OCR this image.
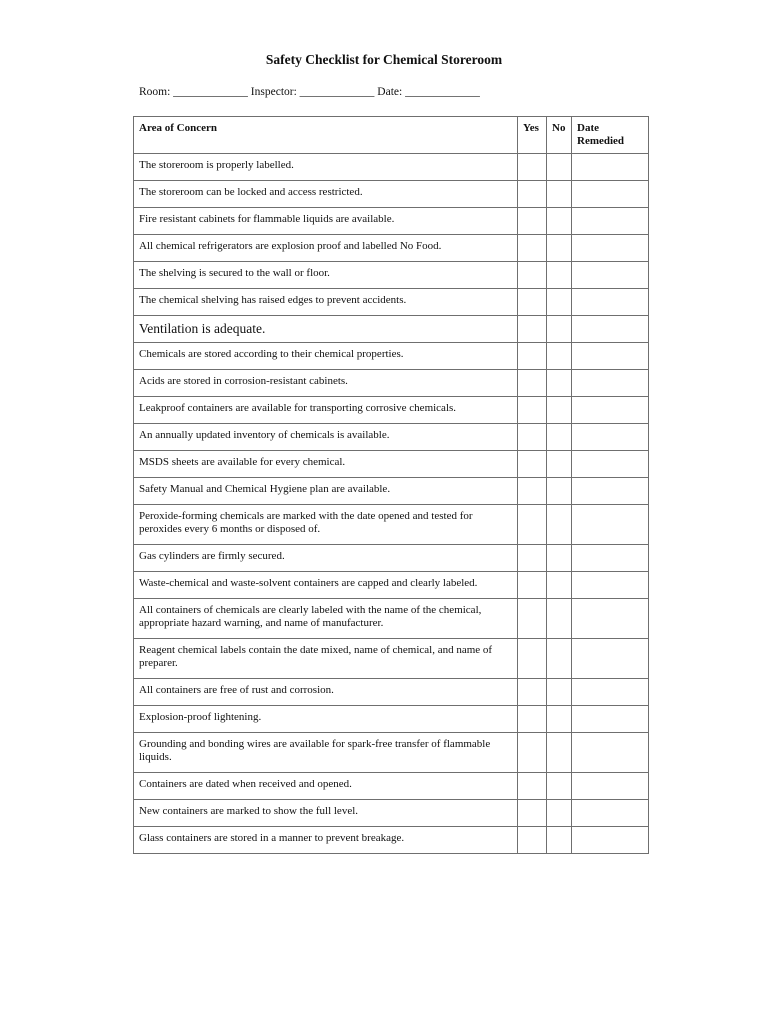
Safety Checklist for Chemical Storeroom
Room: _____________ Inspector: _____________ Date: _____________
Area of Concern	Yes	No	Date Remedied
The storeroom is properly labelled.			
The storeroom can be locked and access restricted.			
Fire resistant cabinets for flammable liquids are available.			
All chemical refrigerators are explosion proof and labelled No Food.			
The shelving is secured to the wall or floor.			
The chemical shelving has raised edges to prevent accidents.			
Ventilation is adequate.			
Chemicals are stored according to their chemical properties.			
Acids are stored in corrosion-resistant cabinets.			
Leakproof containers are available for transporting corrosive chemicals.			
An annually updated inventory of chemicals is available.			
MSDS sheets are available for every chemical.			
Safety Manual and Chemical Hygiene plan are available.			
Peroxide-forming chemicals are marked with the date opened and tested for peroxides every 6 months or disposed of.			
Gas cylinders are firmly secured.			
Waste-chemical and waste-solvent containers are capped and clearly labeled.			
All containers of chemicals are clearly labeled with the name of the chemical, appropriate hazard warning, and name of manufacturer.			
Reagent chemical labels contain the date mixed, name of chemical, and name of preparer.			
All containers are free of rust and corrosion.			
Explosion-proof lightening.			
Grounding and bonding wires are available for spark-free transfer of flammable liquids.			
Containers are dated when received and opened.			
New containers are marked to show the full level.			
Glass containers are stored in a manner to prevent breakage.			
